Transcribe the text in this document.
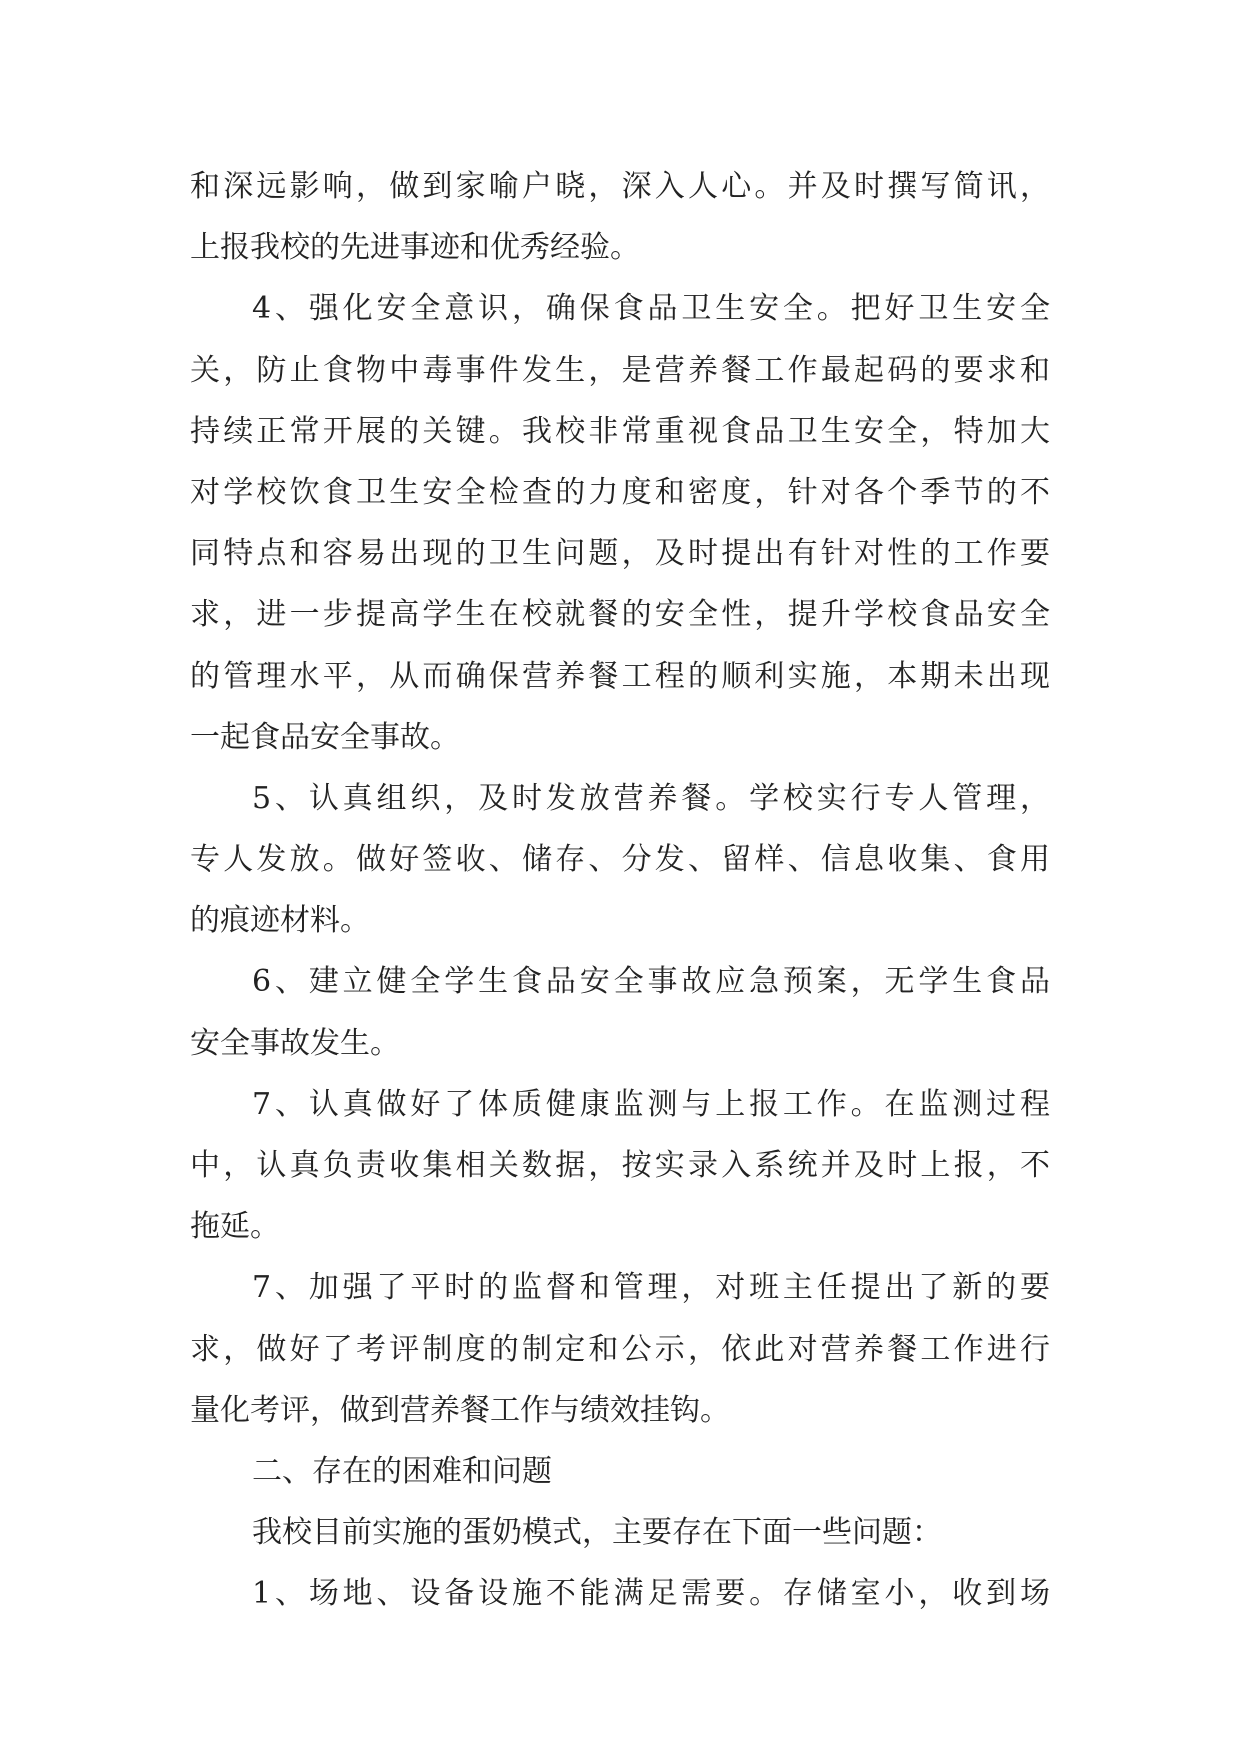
和深远影响，做到家喻户晓，深入人心。并及时撰写简讯，
上报我校的先进事迹和优秀经验。
4、强化安全意识，确保食品卫生安全。把好卫生安全
关，防止食物中毒事件发生，是营养餐工作最起码的要求和
持续正常开展的关键。我校非常重视食品卫生安全，特加大
对学校饮食卫生安全检查的力度和密度，针对各个季节的不
同特点和容易出现的卫生问题，及时提出有针对性的工作要
求，进一步提高学生在校就餐的安全性，提升学校食品安全
的管理水平，从而确保营养餐工程的顺利实施，本期未出现
一起食品安全事故。
5、认真组织，及时发放营养餐。学校实行专人管理，
专人发放。做好签收、储存、分发、留样、信息收集、食用
的痕迹材料。
6、建立健全学生食品安全事故应急预案，无学生食品
安全事故发生。
7、认真做好了体质健康监测与上报工作。在监测过程
中，认真负责收集相关数据，按实录入系统并及时上报，不
拖延。
7、加强了平时的监督和管理，对班主任提出了新的要
求，做好了考评制度的制定和公示，依此对营养餐工作进行
量化考评，做到营养餐工作与绩效挂钩。
二、存在的困难和问题
我校目前实施的蛋奶模式，主要存在下面一些问题：
1、场地、设备设施不能满足需要。存储室小，收到场
